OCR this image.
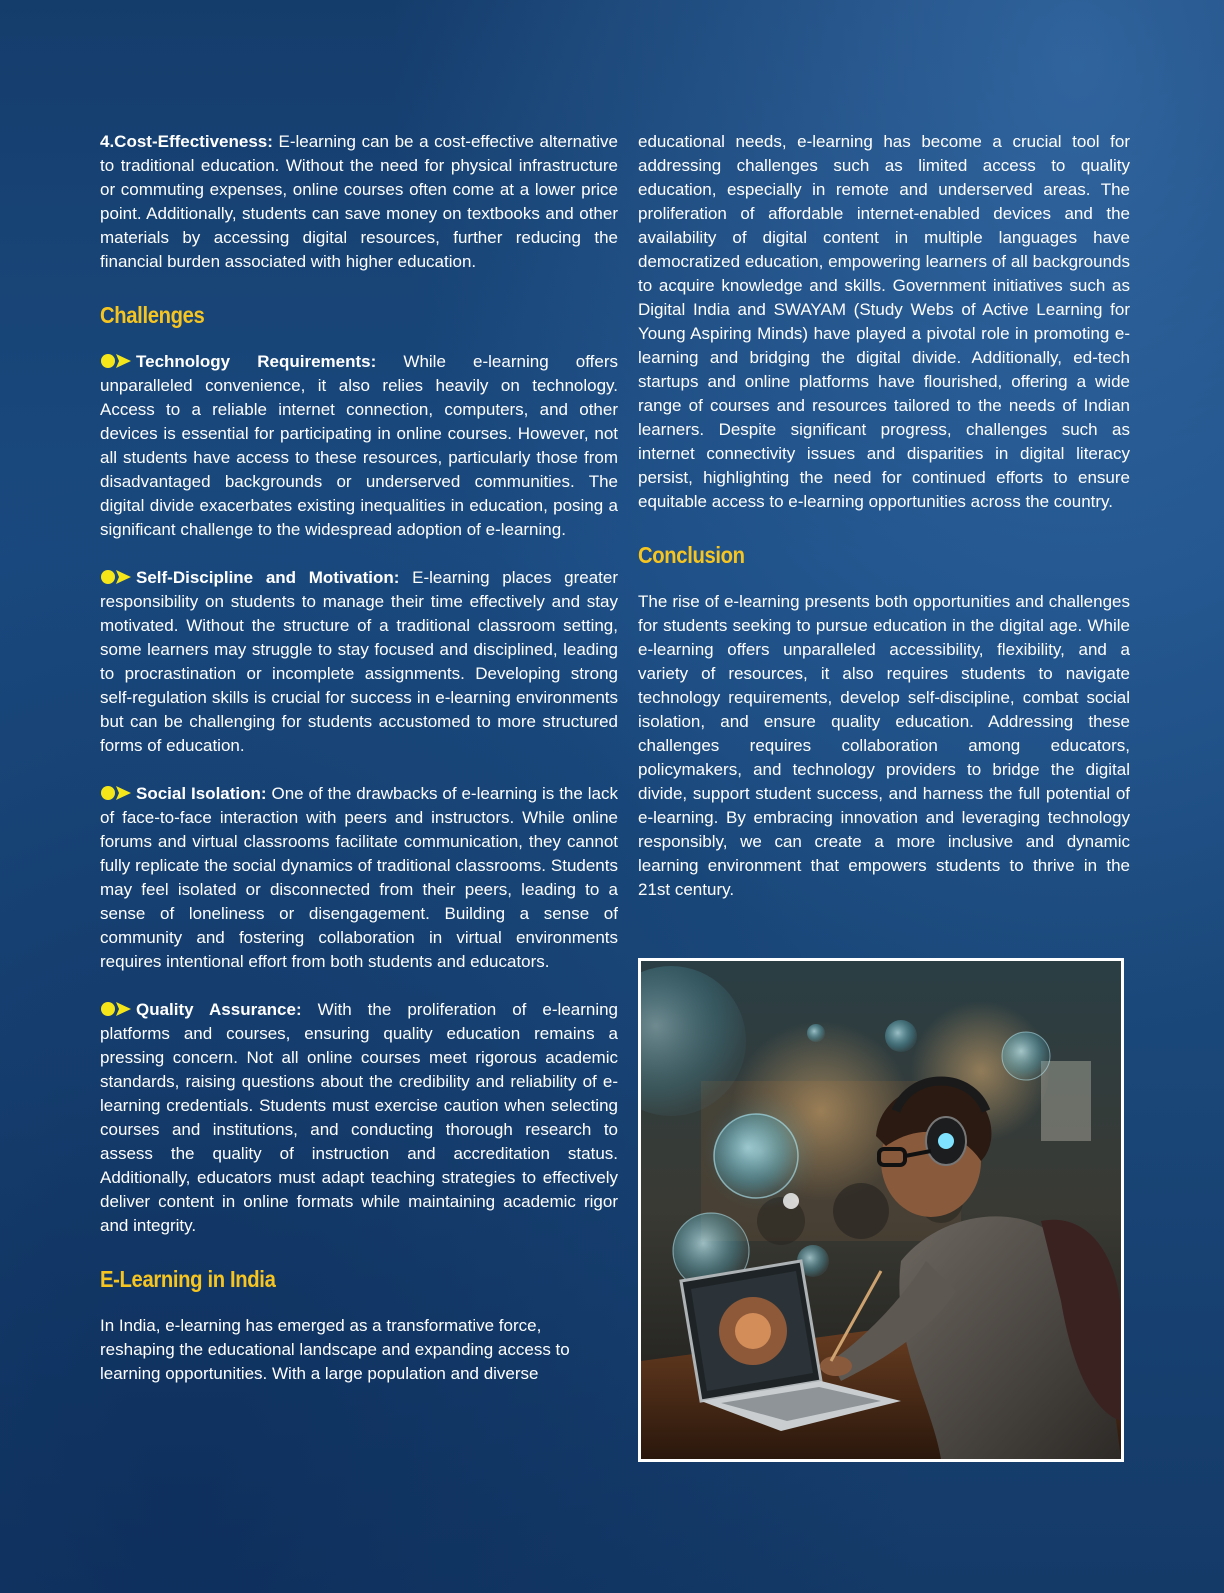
4.Cost-Effectiveness: E-learning can be a cost-effective alternative to traditional education. Without the need for physical infrastructure or commuting expenses, online courses often come at a lower price point. Additionally, students can save money on textbooks and other materials by accessing digital resources, further reducing the financial burden associated with higher education.

Challenges

Technology Requirements: While e-learning offers unparalleled convenience, it also relies heavily on technology. Access to a reliable internet connection, computers, and other devices is essential for participating in online courses. However, not all students have access to these resources, particularly those from disadvantaged backgrounds or underserved communities. The digital divide exacerbates existing inequalities in education, posing a significant challenge to the widespread adoption of e-learning.

Self-Discipline and Motivation: E-learning places greater responsibility on students to manage their time effectively and stay motivated. Without the structure of a traditional classroom setting, some learners may struggle to stay focused and disciplined, leading to procrastination or incomplete assignments. Developing strong self-regulation skills is crucial for success in e-learning environments but can be challenging for students accustomed to more structured forms of education.

Social Isolation: One of the drawbacks of e-learning is the lack of face-to-face interaction with peers and instructors. While online forums and virtual classrooms facilitate communication, they cannot fully replicate the social dynamics of traditional classrooms. Students may feel isolated or disconnected from their peers, leading to a sense of loneliness or disengagement. Building a sense of community and fostering collaboration in virtual environments requires intentional effort from both students and educators.

Quality Assurance: With the proliferation of e-learning platforms and courses, ensuring quality education remains a pressing concern. Not all online courses meet rigorous academic standards, raising questions about the credibility and reliability of e-learning credentials. Students must exercise caution when selecting courses and institutions, and conducting thorough research to assess the quality of instruction and accreditation status. Additionally, educators must adapt teaching strategies to effectively deliver content in online formats while maintaining academic rigor and integrity.

E-Learning in India

In India, e-learning has emerged as a transformative force, reshaping the educational landscape and expanding access to learning opportunities. With a large population and diverse

educational needs, e-learning has become a crucial tool for addressing challenges such as limited access to quality education, especially in remote and underserved areas. The proliferation of affordable internet-enabled devices and the availability of digital content in multiple languages have democratized education, empowering learners of all backgrounds to acquire knowledge and skills. Government initiatives such as Digital India and SWAYAM (Study Webs of Active Learning for Young Aspiring Minds) have played a pivotal role in promoting e-learning and bridging the digital divide. Additionally, ed-tech startups and online platforms have flourished, offering a wide range of courses and resources tailored to the needs of Indian learners. Despite significant progress, challenges such as internet connectivity issues and disparities in digital literacy persist, highlighting the need for continued efforts to ensure equitable access to e-learning opportunities across the country.

Conclusion

The rise of e-learning presents both opportunities and challenges for students seeking to pursue education in the digital age. While e-learning offers unparalleled accessibility, flexibility, and a variety of resources, it also requires students to navigate technology requirements, develop self-discipline, combat social isolation, and ensure quality education. Addressing these challenges requires collaboration among educators, policymakers, and technology providers to bridge the digital divide, support student success, and harness the full potential of e-learning. By embracing innovation and leveraging technology responsibly, we can create a more inclusive and dynamic learning environment that empowers students to thrive in the 21st century.
